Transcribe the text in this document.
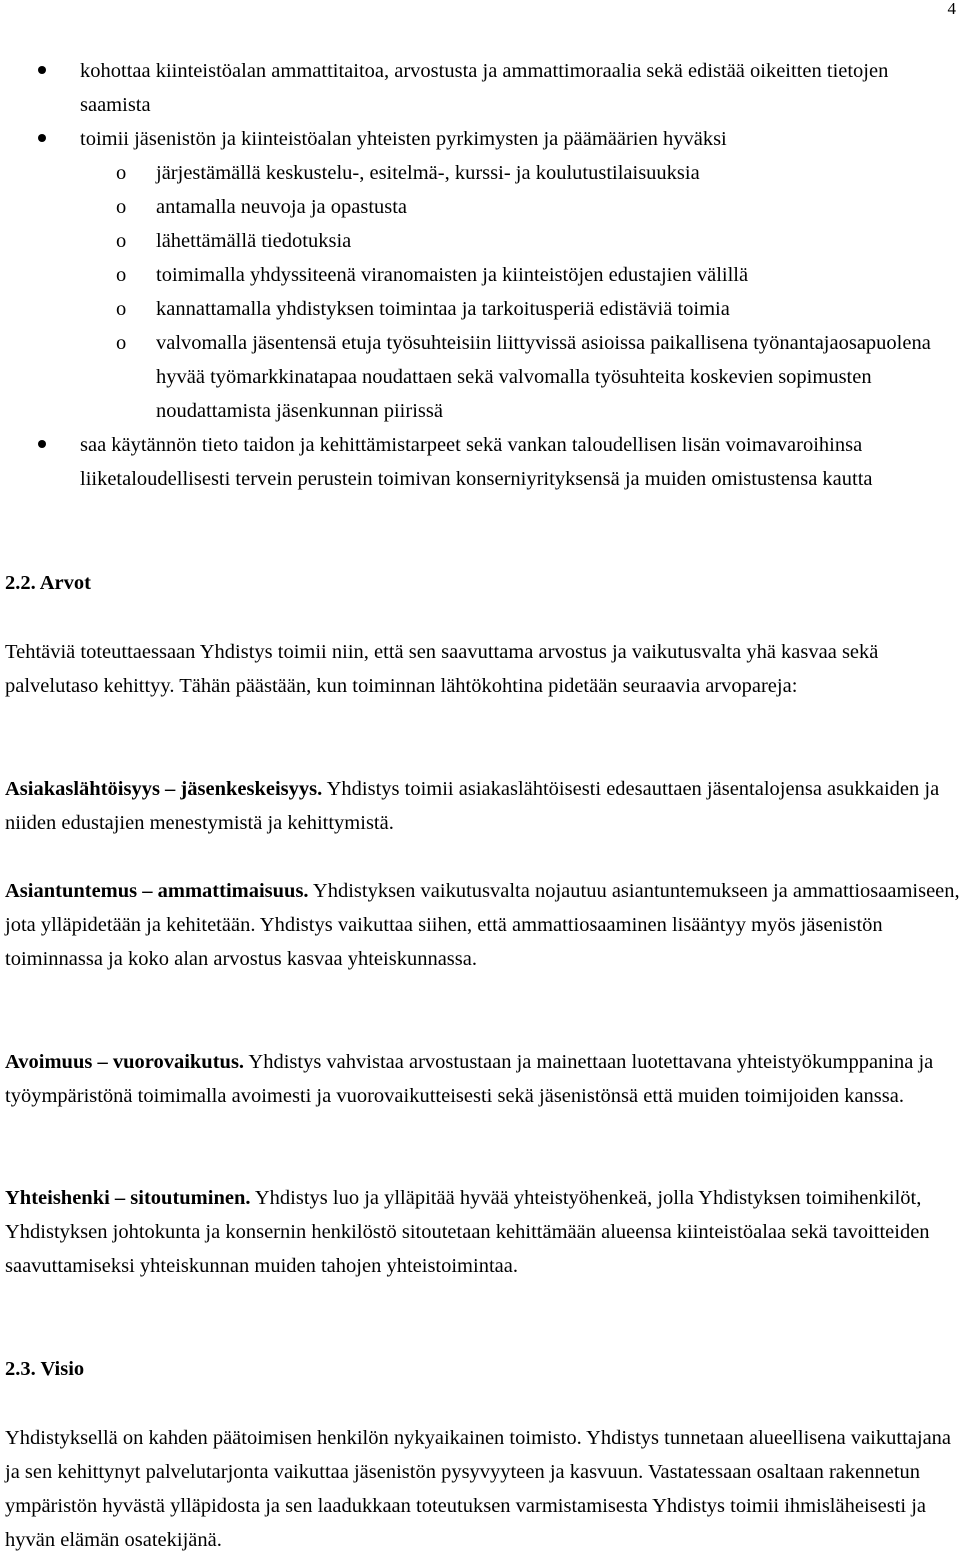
4
kohottaa kiinteistöalan ammattitaitoa, arvostusta ja ammattimoraalia sekä edistää oikeitten tietojen saamista
toimii jäsenistön ja kiinteistöalan yhteisten pyrkimysten ja päämäärien hyväksi
o järjestämällä keskustelu-, esitelmä-, kurssi- ja koulutustilaisuuksia
o antamalla neuvoja ja opastusta
o lähettämällä tiedotuksia
o toimimalla yhdyssiteenä viranomaisten ja kiinteistöjen edustajien välillä
o kannattamalla yhdistyksen toimintaa ja tarkoitusperiä edistäviä toimia
o valvomalla jäsentensä etuja työsuhteisiin liittyvissä asioissa paikallisena työnantajaosapuolena hyvää työmarkkinatapaa noudattaen sekä valvomalla työsuhteita koskevien sopimusten noudattamista jäsenkunnan piirissä
saa käytännön tieto taidon ja kehittämistarpeet sekä vankan taloudellisen lisän voimavaroihinsa liiketaloudellisesti tervein perustein toimivan konserniyrityksensä ja muiden omistustensa kautta
2.2. Arvot

Tehtäviä toteuttaessaan Yhdistys toimii niin, että sen saavuttama arvostus ja vaikutusvalta yhä kasvaa sekä palvelutaso kehittyy. Tähän päästään, kun toiminnan lähtökohtina pidetään seuraavia arvopareja:

Asiakaslähtöisyys – jäsenkeskeisyys. Yhdistys toimii asiakaslähtöisesti edesauttaen jäsentalojensa asukkaiden ja niiden edustajien menestymistä ja kehittymistä.

Asiantuntemus – ammattimaisuus. Yhdistyksen vaikutusvalta nojautuu asiantuntemukseen ja ammattiosaamiseen, jota ylläpidetään ja kehitetään. Yhdistys vaikuttaa siihen, että ammattiosaaminen lisääntyy myös jäsenistön toiminnassa ja koko alan arvostus kasvaa yhteiskunnassa.

Avoimuus – vuorovaikutus. Yhdistys vahvistaa arvostustaan ja mainettaan luotettavana yhteistyökumppanina ja työympäristönä toimimalla avoimesti ja vuorovaikutteisesti sekä jäsenistönsä että muiden toimijoiden kanssa.

Yhteishenki – sitoutuminen. Yhdistys luo ja ylläpitää hyvää yhteistyöhenkeä, jolla Yhdistyksen toimihenkilöt, Yhdistyksen johtokunta ja konsernin henkilöstö sitoutetaan kehittämään alueensa kiinteistöalaa sekä tavoitteiden saavuttamiseksi yhteiskunnan muiden tahojen yhteistoimintaa.

2.3. Visio

Yhdistyksellä on kahden päätoimisen henkilön nykyaikainen toimisto. Yhdistys tunnetaan alueellisena vaikuttajana ja sen kehittynyt palvelutarjonta vaikuttaa jäsenistön pysyvyyteen ja kasvuun. Vastatessaan osaltaan rakennetun ympäristön hyvästä ylläpidosta ja sen laadukkaan toteutuksen varmistamisesta Yhdistys toimii ihmisläheisesti ja hyvän elämän osatekijänä.
